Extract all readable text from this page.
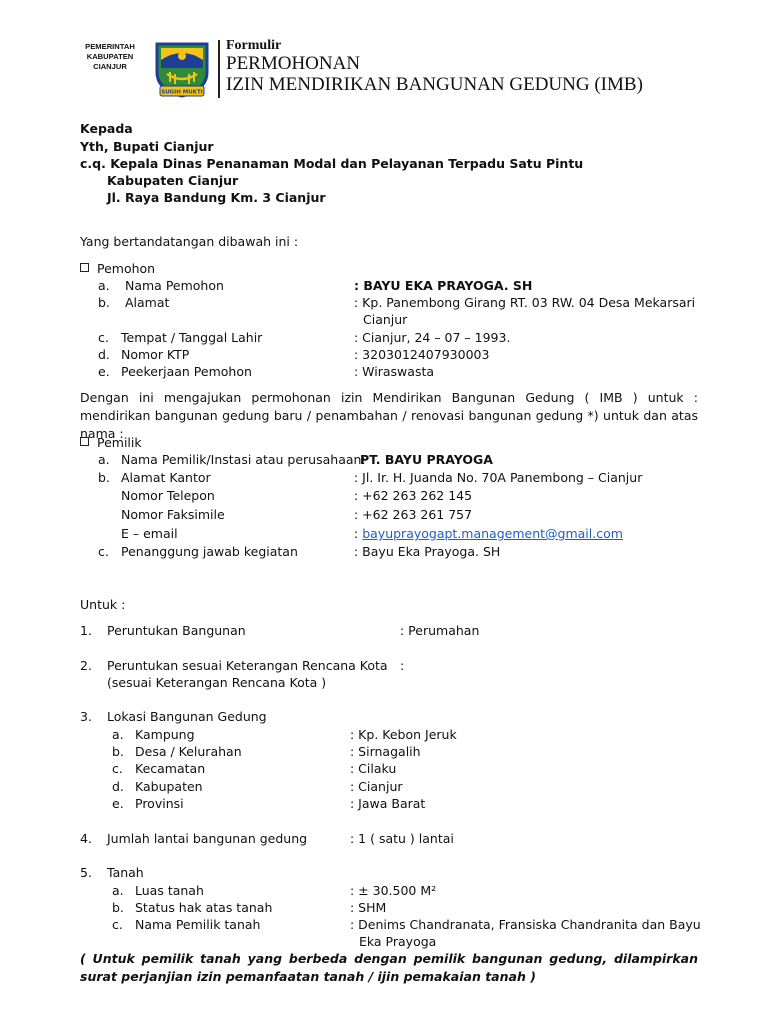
PEMERINTAH
KABUPATEN
CIANJUR
SUGIH MUKTI
Formulir
PERMOHONAN
IZIN MENDIRIKAN BANGUNAN GEDUNG (IMB)
Kepada
Yth, Bupati Cianjur
c.q. Kepala Dinas Penanaman Modal dan Pelayanan Terpadu Satu Pintu
Kabupaten Cianjur
Jl. Raya Bandung Km. 3 Cianjur
Yang bertandatangan dibawah ini :
Pemohon
a. Nama Pemohon	: BAYU EKA PRAYOGA. SH
b. Alamat	: Kp. Panembong Girang RT. 03 RW. 04 Desa Mekarsari
Cianjur
c. Tempat / Tanggal Lahir	: Cianjur, 24 – 07 – 1993.
d. Nomor KTP	: 3203012407930003
e. Peekerjaan Pemohon	: Wiraswasta
Dengan ini mengajukan permohonan izin Mendirikan Bangunan Gedung ( IMB ) untuk : mendirikan bangunan gedung baru / penambahan / renovasi bangunan gedung *) untuk dan atas nama :
Pemilik
a. Nama Pemilik/Instasi atau perusahaan:
PT. BAYU PRAYOGA
b. Alamat Kantor	: Jl. Ir. H. Juanda No. 70A Panembong – Cianjur
Nomor Telepon	: +62 263 262 145
Nomor Faksimile	: +62 263 261 757
E – email	: bayuprayogapt.management@gmail.com
c. Penanggung jawab kegiatan	: Bayu Eka Prayoga. SH
Untuk :
1. Peruntukan Bangunan	: Perumahan
2. Peruntukan sesuai Keterangan Rencana Kota :
(sesuai Keterangan Rencana Kota )
3. Lokasi Bangunan Gedung
a. Kampung	: Kp. Kebon Jeruk
b. Desa / Kelurahan	: Sirnagalih
c. Kecamatan	: Cilaku
d. Kabupaten	: Cianjur
e. Provinsi	: Jawa Barat
4. Jumlah lantai bangunan gedung	: 1 ( satu ) lantai
5. Tanah
a. Luas tanah	: ± 30.500 M²
b. Status hak atas tanah	: SHM
c. Nama Pemilik tanah	: Denims Chandranata, Fransiska Chandranita dan Bayu
Eka Prayoga
( Untuk pemilik tanah yang berbeda dengan pemilik bangunan gedung, dilampirkan surat perjanjian izin pemanfaatan tanah / ijin pemakaian tanah )
